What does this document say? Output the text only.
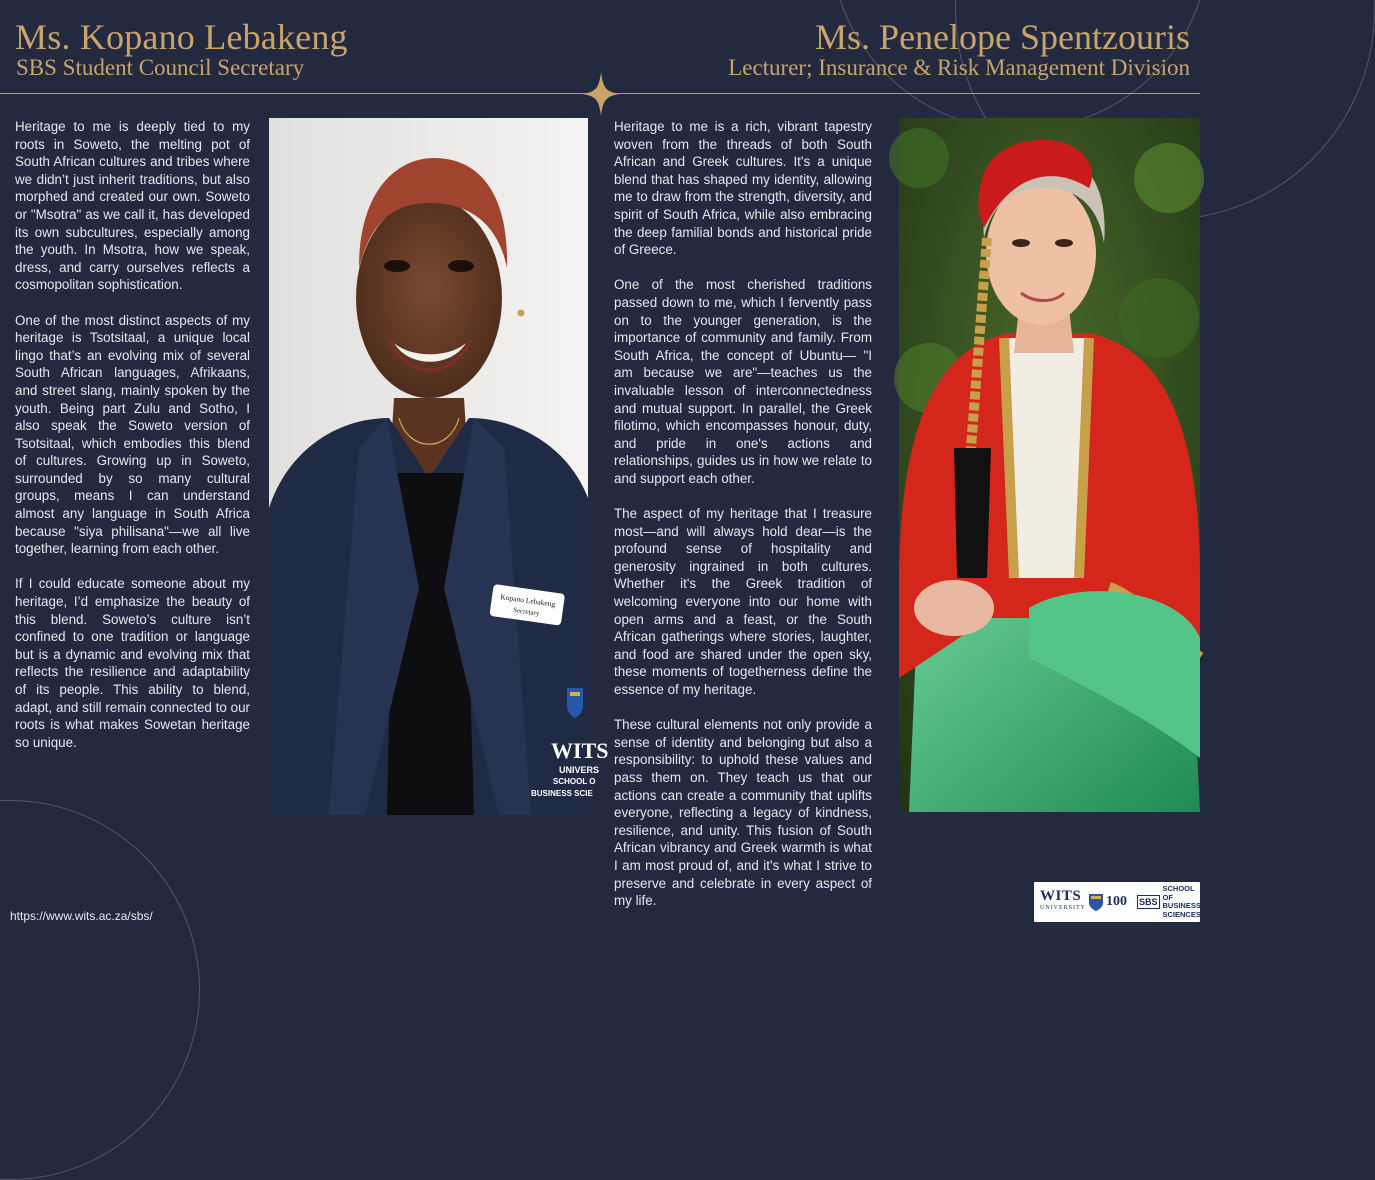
Ms. Kopano Lebakeng
SBS Student Council Secretary
Ms. Penelope Spentzouris
Lecturer; Insurance & Risk Management Division

Heritage to me is deeply tied to my roots in Soweto, the melting pot of South African cultures and tribes where we didn’t just inherit traditions, but also morphed and created our own. Soweto or "Msotra" as we call it, has developed its own subcultures, especially among the youth. In Msotra, how we speak, dress, and carry ourselves reflects a cosmopolitan sophistication.

One of the most distinct aspects of my heritage is Tsotsitaal, a unique local lingo that’s an evolving mix of several South African languages, Afrikaans, and street slang, mainly spoken by the youth. Being part Zulu and Sotho, I also speak the Soweto version of Tsotsitaal, which embodies this blend of cultures. Growing up in Soweto, surrounded by so many cultural groups, means I can understand almost any language in South Africa because "siya philisana"—we all live together, learning from each other.

If I could educate someone about my heritage, I’d emphasize the beauty of this blend. Soweto’s culture isn’t confined to one tradition or language but is a dynamic and evolving mix that reflects the resilience and adaptability of its people. This ability to blend, adapt, and still remain connected to our roots is what makes Sowetan heritage so unique.

Kopano Lebakeng
Secretary
WITS
UNIVERS
SCHOOL O
BUSINESS SCIE

Heritage to me is a rich, vibrant tapestry woven from the threads of both South African and Greek cultures. It's a unique blend that has shaped my identity, allowing me to draw from the strength, diversity, and spirit of South Africa, while also embracing the deep familial bonds and historical pride of Greece.

One of the most cherished traditions passed down to me, which I fervently pass on to the younger generation, is the importance of community and family. From South Africa, the concept of Ubuntu— "I am because we are"—teaches us the invaluable lesson of interconnectedness and mutual support. In parallel, the Greek filotimo, which encompasses honour, duty, and pride in one's actions and relationships, guides us in how we relate to and support each other.

The aspect of my heritage that I treasure most—and will always hold dear—is the profound sense of hospitality and generosity ingrained in both cultures. Whether it's the Greek tradition of welcoming everyone into our home with open arms and a feast, or the South African gatherings where stories, laughter, and food are shared under the open sky, these moments of togetherness define the essence of my heritage.

These cultural elements not only provide a sense of identity and belonging but also a responsibility: to uphold these values and pass them on. They teach us that our actions can create a community that uplifts everyone, reflecting a legacy of kindness, resilience, and unity. This fusion of South African vibrancy and Greek warmth is what I am most proud of, and it's what I strive to preserve and celebrate in every aspect of my life.

https://www.wits.ac.za/sbs/
WITS
UNIVERSITY 100 SBS
SCHOOL OF
BUSINESS
SCIENCES
